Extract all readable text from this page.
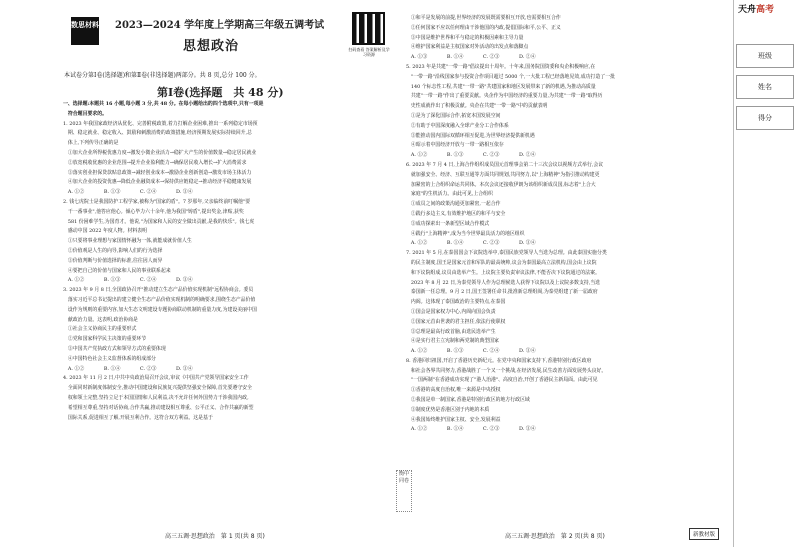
数思材料 2023—2024 学年度上学期高三年级五调考试
思想政治
本试卷分第Ⅰ卷(选择题)和第Ⅱ卷(非选择题)两部分。共 8 页,总分 100 分。
第Ⅰ卷(选择题　共 48 分)
一、选择题:本题共 16 小题,每小题 3 分,共 48 分。在每小题给出的四个选项中,只有一项是
　符合题目要求的。
1. 2023 年我国家政经济从优化、完善附税政策,着力打解企业困难,推出一系列稳定市场预
　期、稳定就业、稳定收入、鼓励和刺激消费的政策措施,经济预期发展实际持续回升,总
　体上,下列传导正确的是
　①加大企业所得税优惠力度→激发小微企业活力→稳扩大产生的价值数量→稳定居民就业
　②放宽税收优惠的企业范围→提升企业盈利能力→确保居民收入增长→扩大消费需求
　③落实创业担保贷款贴息政策→减轻创业成本→激励企业创新创造→激发市场主体活力
　④加大企业的投资优惠→降低企业融资成本→保持供应链稳定→推动经济平稳健康发展
　A. ①②　　　　B. ①③　　　　C. ②④　　　　D. ③④
2. 钱七虎院士是我国防护工程学家,被称为"国家的盾"。7 岁那年,父亲临终前叮嘱他"要
　干一番事业",他答应他心。倾心毕力六十余年,他为我国"铸盾",提出奖金,津贴,获奖
　581 份困难学生,为国育才。他说,"为国家和人民的安全做出贡献,是我的快乐"。钱七虎
　感动中国 2022 年度人物。材料表明
　①只要将事业理想与家国情怀融为一体,就能成就价值人生
　②价值观是人生的向导,影响人们的行为选择
　③价值判断与价值选择的标准,往往因人而异
　④要把自己的价值与国家和人民的事业联系起来
　A. ①②　　　　B. ①③　　　　C. ②④　　　　D. ③④
3. 2023 年 9 月 8 日,全国政协召开"推动建立生态产品价值实现机制"远程协商会。委员
　落实习近平总书记提出的建立健全生态产品价值实现机制的明确要求,围绕生态产品价值
　设作为规则的重要内容,加大生态文明建设专题协商联动机制的重量力度,为建设美丽中国
　献政治力量。这表明,政治协商是
　①社会主义协商民主的重要形式
　②党和国家科学民主决策的重要环节
　③中国共产党执政方式和领导方式的重要体现
　④中国特色社会主义监督体系的组成部分
　A. ①②　　　　B. ①④　　　　C. ②③　　　　D. ③④
4. 2023 年 11 月 2 日,中共中央政治局召开会议,审议《中国共产党领导国家安全工作
　全面同时新制度体制安全,推动中国建设和民族复兴提供坚强安全保障,首先要遵守安全
　权和领土完整,坚持立足于本国国情和人民利益,决不允许任何外国势力干涉我国内政,
　希望相互尊重,坚持对话协商,合作共赢,推动建设相互尊重、公平正义、合作共赢的新型
　国际关系,促进相互了解,开展互利合作。这符合双方利益。这是基于
扫码查看 答案解析及学习资源
衡中同卷
　①和平是发展的前提,世界经济的发展既需要相互开放,也需要相互合作
　②任何国家不应以任何理由干涉他国的内政,提倡国际和平,公平、正义
　③中国是维护世界和平与稳定的积极因素和主导力量
　④维护国家利益是主权国家对外活动的出发点和落脚点
　A. ①③　　　　B. ①④　　　　C. ②③　　　　D. ②④
5. 2023 年是共建"一带一路"倡议提出十周年。十年来,国务院国资委和央企积极响应,在
　"一带一路"沿线国家参与投资合作项目超过 5000 个,一大批工程已经落地见效,成功打造了一批
　140 个标志性工程,共建"一带一路"共建国家和地区发展带来了新的机遇,为推动高质量
　共建"一带一路"作出了重要贡献。央企作为中国经济的重要力量,为共建"一带一路"取得历
　史性成就作出了积极贡献。央企在共建"一带一路"中的贡献表明
　①是为了深化国际合作,拓宽本国发展空间
　②有助于中国深度融入全球产业分工合作体系
　③能推动国内国际双循环相互促进,为世界经济提供新机遇
　④昭示着中国经济开放与一带一路相互依存
　A. ①②　　　　B. ①③　　　　C. ②③　　　　D. ②④
6. 2023 年 7 月 4 日,上海合作组织成员国元首理事会第二十三次会议以视频方式举行,会议
　就加强安全、经济、互联互通等方面共同规划,共同努力,以"上海精神"为指引推动构建更
　加紧密的上合组织命运共同体。本次会议还接收伊朗为该组织新成员国,标志着"上合大
　家庭"的生机活力。由此可见,上合组织
　①成员之间的政策沟通更加紧密,一起合作
　②践行多边主义,有效维护地区的和平与安全
　③成功探索出一条新型区域合作模式
　④践行"上海精神",成为当今世界最具活力的地区组织
　A. ①②　　　　B. ①④　　　　C. ②③　　　　D. ③④
7. 2021 年 5 月,在泰国国会下议院选举中,泰国民族党领导人当选为总理。由此泰国实施分类
　的民主制度,国王是国家元首和军队的最高统帅,议会为泰国最高立法机构,国会由上议院
　和下议院组成,议员由选举产生。上议院主要负责审议法律,不能否决下议院通过的法案。
　2023 年 8 月 22 日,为泰党领导人作为总理候选人获得下议院以及上议院多数支持,当选
　泰国新一任总理。9 月 2 日,国王签署任命书,批准新总理组阁,为泰党组建了新一届政府
　内阁。这体现了泰国政治的主要特点,在泰国
　①国会是国家权力中心,内阁向国会负责
　②国家元首由世袭的君主担任,依法行使职权
　③总理是最高行政首脑,由选民选举产生
　④是实行君主立宪制和两党制的典型国家
　A. ①②　　　　B. ①③　　　　C. ②④　　　　D. ③④
8. 香港回归祖国,开启了香港历史新纪元。在党中央和国家支持下,香港特别行政区政府
　和社会各界共同努力,香港战胜了一个又一个挑战,在经济发展,民生改善方面发展势头良好。
　"一国两制"在香港成功实现了"港人治港"、高度自治,开创了香港民主新局面。由此可见
　①香港的高度自治权,唯一来源是中央授权
　②我国是单一制国家,香港是特别行政区的地方行政区域
　③制度优势是香港区别于内地的本质
　④我国始终维护国家主权、安全,发展利益
　A. ①②　　　　B. ①④　　　　C. ②③　　　　D. ③④
天舟高考
班级
姓名
得分
高三五调·思想政治　第 1 页(共 8 页)	高三五调·思想政治　第 2 页(共 8 页)	新教材版
